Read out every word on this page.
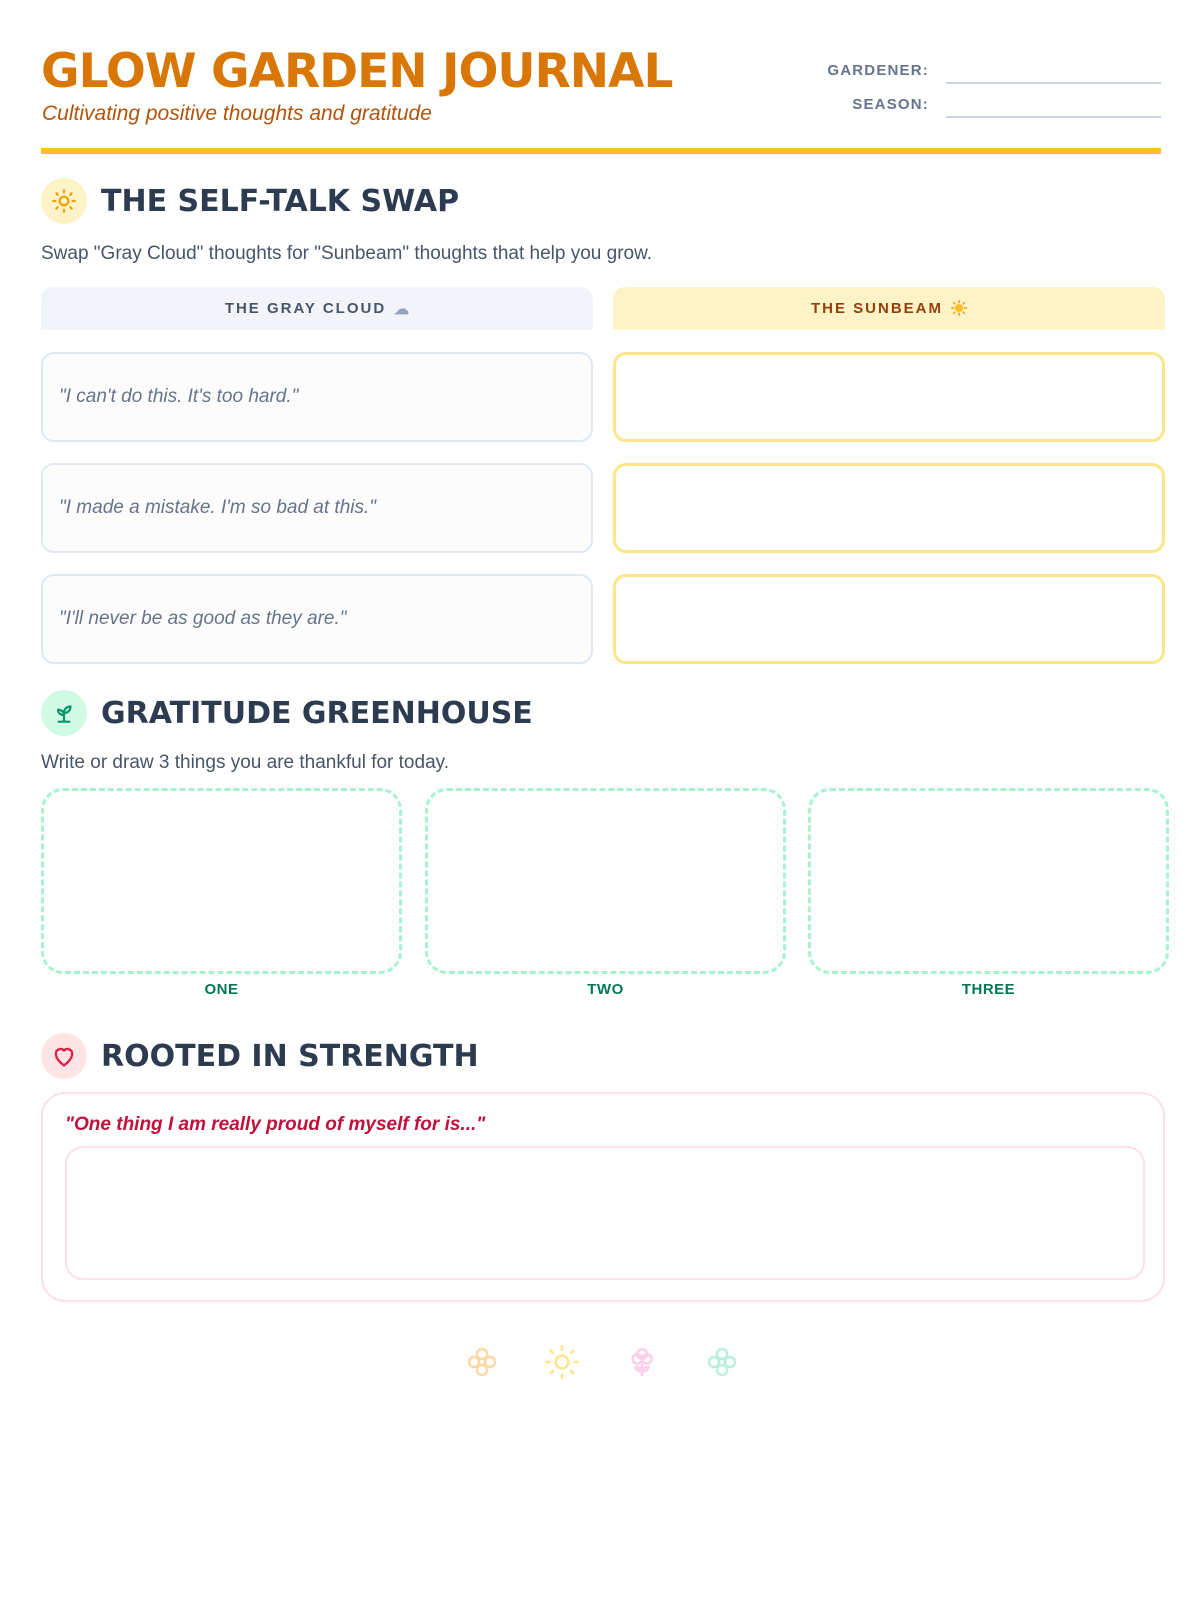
GLOW GARDEN JOURNAL
Cultivating positive thoughts and gratitude
GARDENER:
SEASON:
THE SELF-TALK SWAP
Swap "Gray Cloud" thoughts for "Sunbeam" thoughts that help you grow.
THE GRAY CLOUD ☁	THE SUNBEAM
"I can't do this. It's too hard."
"I made a mistake. I'm so bad at this."
"I'll never be as good as they are."
GRATITUDE GREENHOUSE
Write or draw 3 things you are thankful for today.
ONE	TWO	THREE
ROOTED IN STRENGTH
"One thing I am really proud of myself for is..."
